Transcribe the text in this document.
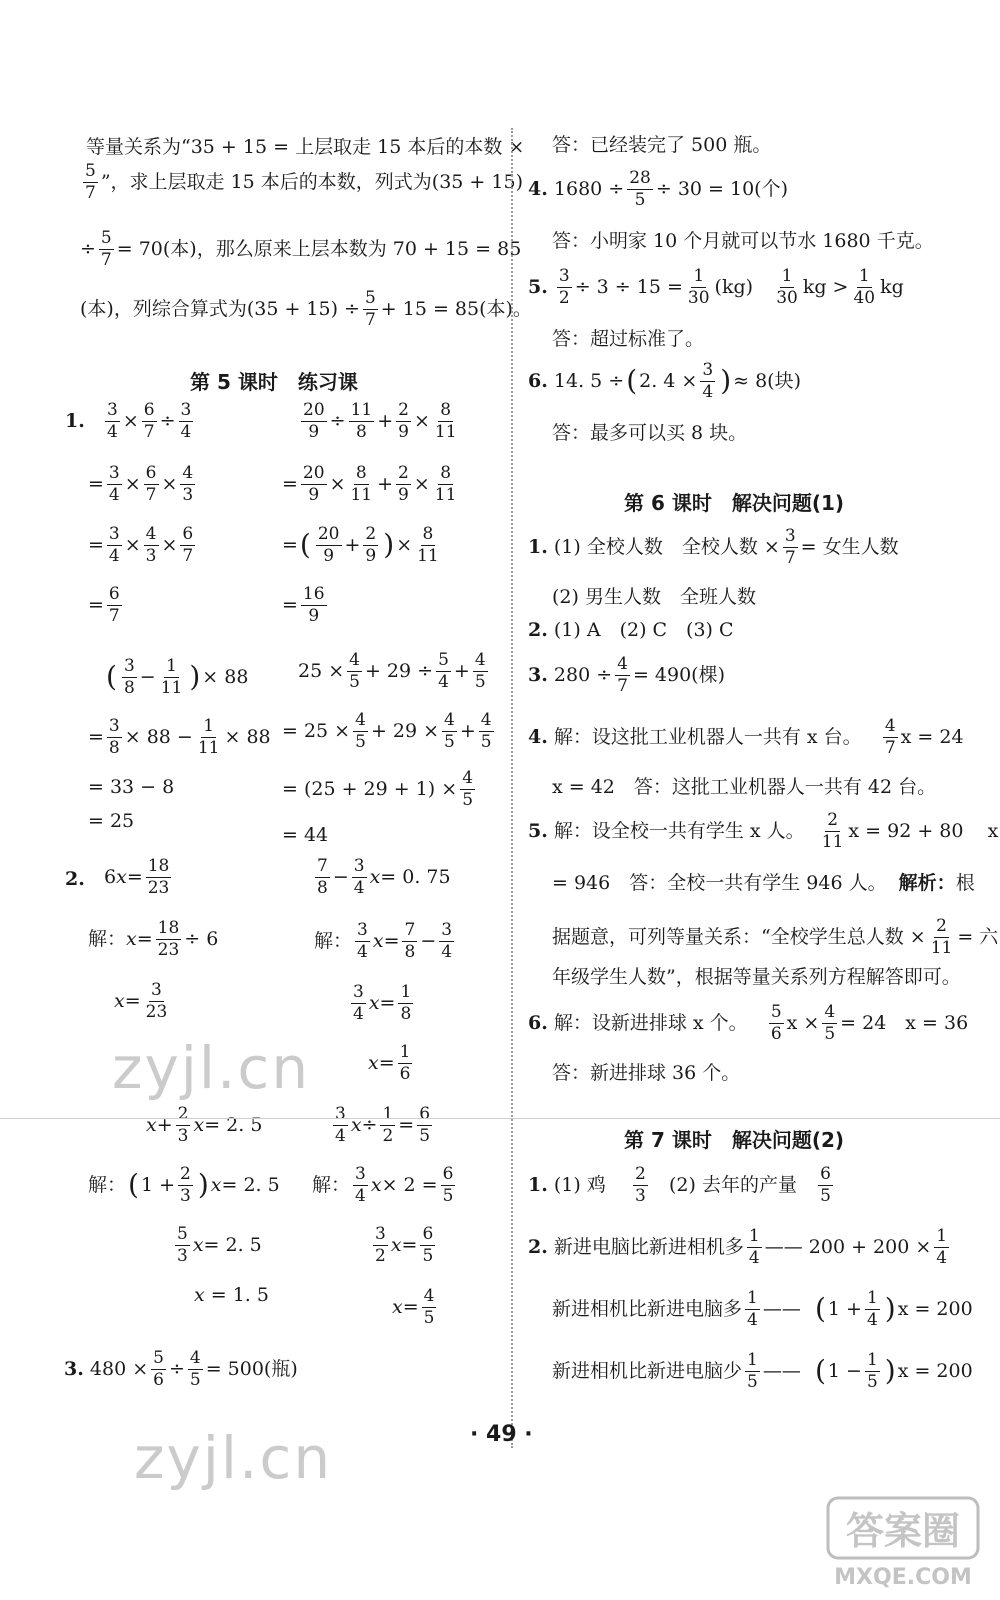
等量关系为“35 + 15 = 上层取走 15 本后的本数 ×
$\frac{5}{7}$ ”，求上层取走 15 本后的本数，列式为(35 + 15)
÷ $\frac{5}{7} = 70$(本)，那么原来上层本数为 70 + 15 = 85
(本)，列综合算式为$(35 + 15) \div \frac{5}{7} + 15 = 85$(本)。
第 5 课时　练习课
1. $\frac{3}{4} \times \frac{6}{7} \div \frac{3}{4}$
= $\frac{3}{4} \times \frac{6}{7} \times \frac{4}{3}$
= $\frac{3}{4} \times \frac{4}{3} \times \frac{6}{7}$
= $\frac{6}{7}$
$\frac{20}{9} \div \frac{11}{8} + \frac{2}{9} \times \frac{8}{11}$
= $\frac{20}{9} \times \frac{8}{11} + \frac{2}{9} \times \frac{8}{11}$
= ( $\frac{20}{9} + \frac{2}{9}$ ) × $\frac{8}{11}$
= $\frac{16}{9}$
( $\frac{3}{8} - \frac{1}{11}$ ) × 88
= $\frac{3}{8} \times 88 - \frac{1}{11} \times 88$
= 33 − 8
= 25
$25 \times \frac{4}{5} + 29 \div \frac{5}{4} + \frac{4}{5}$
= $25 \times \frac{4}{5} + 29 \times \frac{4}{5} + \frac{4}{5}$
= $(25 + 29 + 1) \times \frac{4}{5}$
= 44
2. 6 $x = \frac{18}{23}$
解： $x = \frac{18}{23} \div 6$
$x = \frac{3}{23}$
$\frac{7}{8} - \frac{3}{4}$ x = 0. 75
解： $\frac{3}{4}$ $x = \frac{7}{8} - \frac{3}{4}$
$\frac{3}{4}$ $x = \frac{1}{8}$
$x = \frac{1}{6}$
zyjl.cn
$x + \frac{2}{3}$ x = 2. 5
解： ( $1 + \frac{2}{3}$ ) x = 2. 5
$\frac{5}{3}$ x = 2. 5
x = 1. 5
$\frac{3}{4}$ $x \div \frac{1}{2} = \frac{6}{5}$
解： $\frac{3}{4}$ $x \times 2 = \frac{6}{5}$
$\frac{3}{2}$ $x = \frac{6}{5}$
$x = \frac{4}{5}$
3.
$480 \times \frac{5}{6} \div \frac{4}{5} = 500$(瓶)
zyjl.cn
答：已经装完了 500 瓶。
4.
$1680 \div \frac{28}{5} \div 30 = 10$(个)
答：小明家 10 个月就可以节水 1680 千克。
5.
$\frac{3}{2} \div 3 \div 15 = \frac{1}{30} (kg)$
$\frac{1}{30}$ kg > $\frac{1}{40}$ kg
答：超过标准了。
6.
14. 5 ÷ ( 2. $4 \times \frac{3}{4}$ ) ≈ 8(块)
答：最多可以买 8 块。
第 6 课时　解决问题(1)
1.
(1) 全校人数　全校人数 × $\frac{3}{7}$ = 女生人数
(2) 男生人数　全班人数
2.
(1) A　(2) C　(3) C
3.
$280 \div \frac{4}{7} = 490$(棵)
4.
解：设这批工业机器人一共有 x 台。
$\frac{4}{7}$ x = 24
x = 42　答：这批工业机器人一共有 42 台。
5.
解：设全校一共有学生 x 人。
$\frac{2}{11}$ x = 92 + 80
x
= 946　答：全校一共有学生 946 人。
解析： 根
据题意，可列等量关系：“全校学生总人数 × $\frac{2}{11}$ = 六
年级学生人数”，根据等量关系列方程解答即可。
6.
解：设新进排球 x 个。
$\frac{5}{6}$ $x \times \frac{4}{5} = 24$　x = 36
答：新进排球 36 个。
第 7 课时　解决问题(2)
1.
(1) 鸡
$\frac{2}{3}$
(2) 去年的产量
$\frac{6}{5}$
2.
新进电脑比新进相机多 $\frac{1}{4}$ —— $200 + 200 \times \frac{1}{4}$
新进相机比新进电脑多 $\frac{1}{4}$ ——
( $1 + \frac{1}{4}$ ) x = 200
新进相机比新进电脑少 $\frac{1}{5}$ ——
( $1 - \frac{1}{5}$ ) x = 200
· 49 ·
答案圈
MXQE.COM
